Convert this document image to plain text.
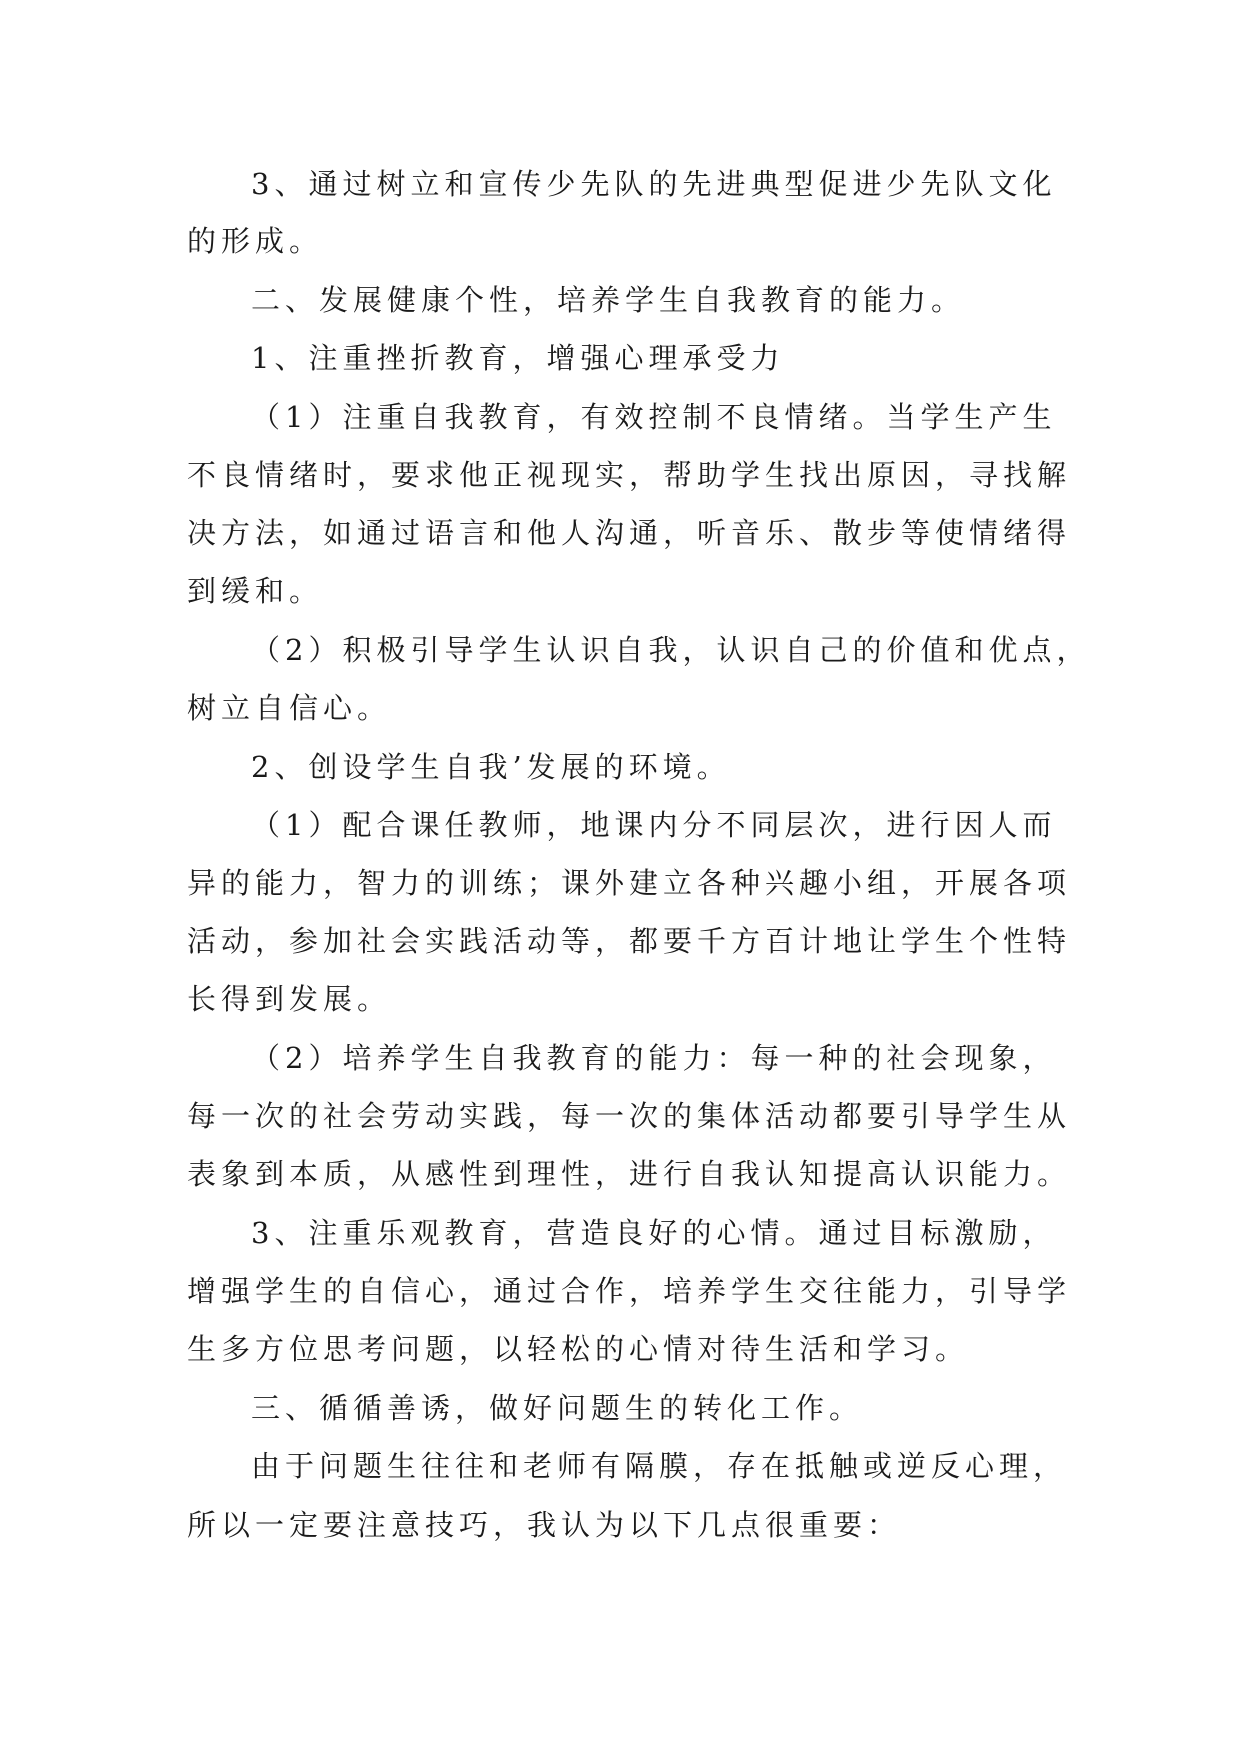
3、通过树立和宣传少先队的先进典型促进少先队文化

的形成。

二、发展健康个性，培养学生自我教育的能力。

1、注重挫折教育，增强心理承受力

（1）注重自我教育，有效控制不良情绪。当学生产生

不良情绪时，要求他正视现实，帮助学生找出原因，寻找解

决方法，如通过语言和他人沟通，听音乐、散步等使情绪得

到缓和。

（2）积极引导学生认识自我，认识自己的价值和优点，

树立自信心。

2、创设学生自我’发展的环境。

（1）配合课任教师，地课内分不同层次，进行因人而

异的能力，智力的训练；课外建立各种兴趣小组，开展各项

活动，参加社会实践活动等，都要千方百计地让学生个性特

长得到发展。

（2）培养学生自我教育的能力：每一种的社会现象，

每一次的社会劳动实践，每一次的集体活动都要引导学生从

表象到本质，从感性到理性，进行自我认知提高认识能力。

3、注重乐观教育，营造良好的心情。通过目标激励，

增强学生的自信心，通过合作，培养学生交往能力，引导学

生多方位思考问题，以轻松的心情对待生活和学习。

三、循循善诱，做好问题生的转化工作。

由于问题生往往和老师有隔膜，存在抵触或逆反心理，

所以一定要注意技巧，我认为以下几点很重要：
